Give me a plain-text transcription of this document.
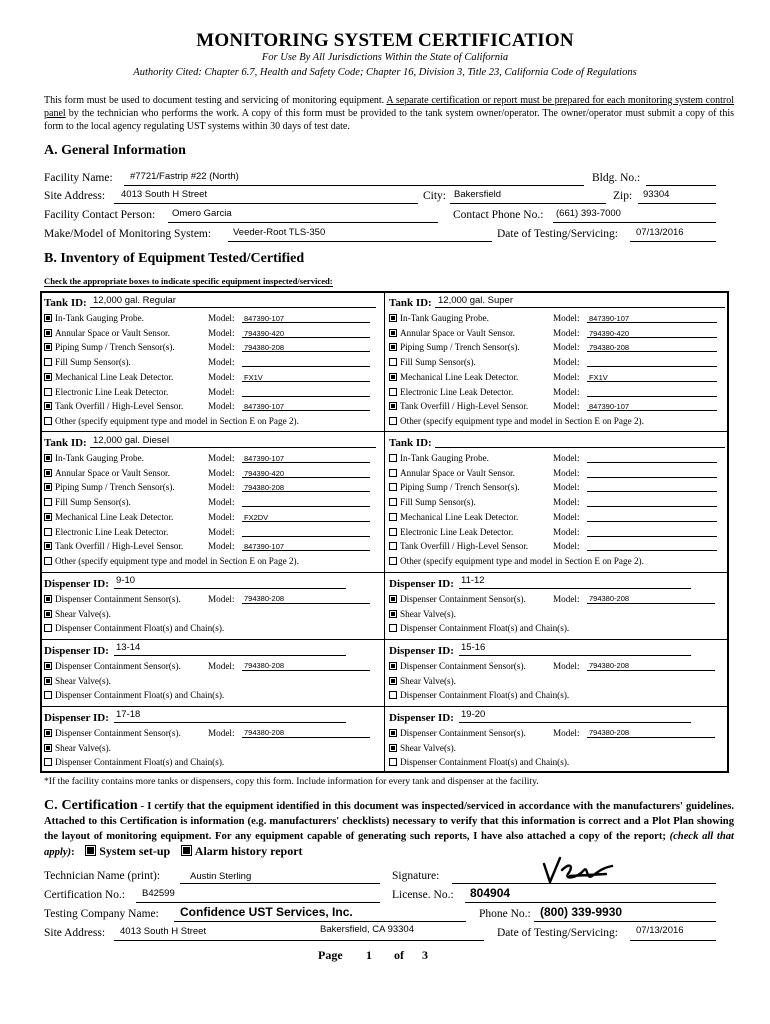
MONITORING SYSTEM CERTIFICATION
For Use By All Jurisdictions Within the State of California
Authority Cited: Chapter 6.7, Health and Safety Code; Chapter 16, Division 3, Title 23, California Code of Regulations
This form must be used to document testing and servicing of monitoring equipment. A separate certification or report must be prepared for each monitoring system control panel by the technician who performs the work. A copy of this form must be provided to the tank system owner/operator. The owner/operator must submit a copy of this form to the local agency regulating UST systems within 30 days of test date.
A. General Information
Facility Name: #7721/Fastrip #22 (North)	Bldg. No.:
Site Address: 4013 South H Street	City: Bakersfield	Zip: 93304
Facility Contact Person: Omero Garcia	Contact Phone No.: (661) 393-7000
Make/Model of Monitoring System: Veeder-Root TLS-350	Date of Testing/Servicing: 07/13/2016
B. Inventory of Equipment Tested/Certified
Check the appropriate boxes to indicate specific equipment inspected/serviced:
Tank ID: 12,000 gal. Regular
In-Tank Gauging Probe.	Model: 847390-107
Annular Space or Vault Sensor.	Model: 794390-420
Piping Sump / Trench Sensor(s).	Model: 794380-208
Fill Sump Sensor(s).	Model:
Mechanical Line Leak Detector.	Model: FX1V
Electronic Line Leak Detector.	Model:
Tank Overfill / High-Level Sensor.	Model: 847390-107
Other (specify equipment type and model in Section E on Page 2).
Tank ID: 12,000 gal. Super
In-Tank Gauging Probe.	Model: 847390-107
Annular Space or Vault Sensor.	Model: 794390-420
Piping Sump / Trench Sensor(s).	Model: 794380-208
Fill Sump Sensor(s).	Model:
Mechanical Line Leak Detector.	Model: FX1V
Electronic Line Leak Detector.	Model:
Tank Overfill / High-Level Sensor.	Model: 847390-107
Other (specify equipment type and model in Section E on Page 2).
Tank ID: 12,000 gal. Diesel
In-Tank Gauging Probe.	Model: 847390-107
Annular Space or Vault Sensor.	Model: 794390-420
Piping Sump / Trench Sensor(s).	Model: 794380-208
Fill Sump Sensor(s).	Model:
Mechanical Line Leak Detector.	Model: FX2DV
Electronic Line Leak Detector.	Model:
Tank Overfill / High-Level Sensor.	Model: 847390-107
Other (specify equipment type and model in Section E on Page 2).
Tank ID:
In-Tank Gauging Probe.	Model:
Annular Space or Vault Sensor.	Model:
Piping Sump / Trench Sensor(s).	Model:
Fill Sump Sensor(s).	Model:
Mechanical Line Leak Detector.	Model:
Electronic Line Leak Detector.	Model:
Tank Overfill / High-Level Sensor.	Model:
Other (specify equipment type and model in Section E on Page 2).
Dispenser ID: 9-10
Dispenser Containment Sensor(s).	Model: 794380-208
Shear Valve(s).
Dispenser Containment Float(s) and Chain(s).
Dispenser ID: 11-12
Dispenser Containment Sensor(s).	Model: 794380-208
Shear Valve(s).
Dispenser Containment Float(s) and Chain(s).
Dispenser ID: 13-14
Dispenser Containment Sensor(s).	Model: 794380-208
Shear Valve(s).
Dispenser Containment Float(s) and Chain(s).
Dispenser ID: 15-16
Dispenser Containment Sensor(s).	Model: 794380-208
Shear Valve(s).
Dispenser Containment Float(s) and Chain(s).
Dispenser ID: 17-18
Dispenser Containment Sensor(s).	Model: 794380-208
Shear Valve(s).
Dispenser Containment Float(s) and Chain(s).
Dispenser ID: 19-20
Dispenser Containment Sensor(s).	Model: 794380-208
Shear Valve(s).
Dispenser Containment Float(s) and Chain(s).
*If the facility contains more tanks or dispensers, copy this form. Include information for every tank and dispenser at the facility.
C. Certification - I certify that the equipment identified in this document was inspected/serviced in accordance with the manufacturers' guidelines. Attached to this Certification is information (e.g. manufacturers' checklists) necessary to verify that this information is correct and a Plot Plan showing the layout of monitoring equipment. For any equipment capable of generating such reports, I have also attached a copy of the report; (check all that apply):    System set-up Alarm history report
Technician Name (print):	Austin Sterling	Signature:
Certification No.: B42599	License. No.: 804904
Testing Company Name: Confidence UST Services, Inc.	Phone No.: (800) 339-9930
Site Address: 4013 South H Street	Bakersfield, CA 93304	Date of Testing/Servicing: 07/13/2016
Page 1 of 3
